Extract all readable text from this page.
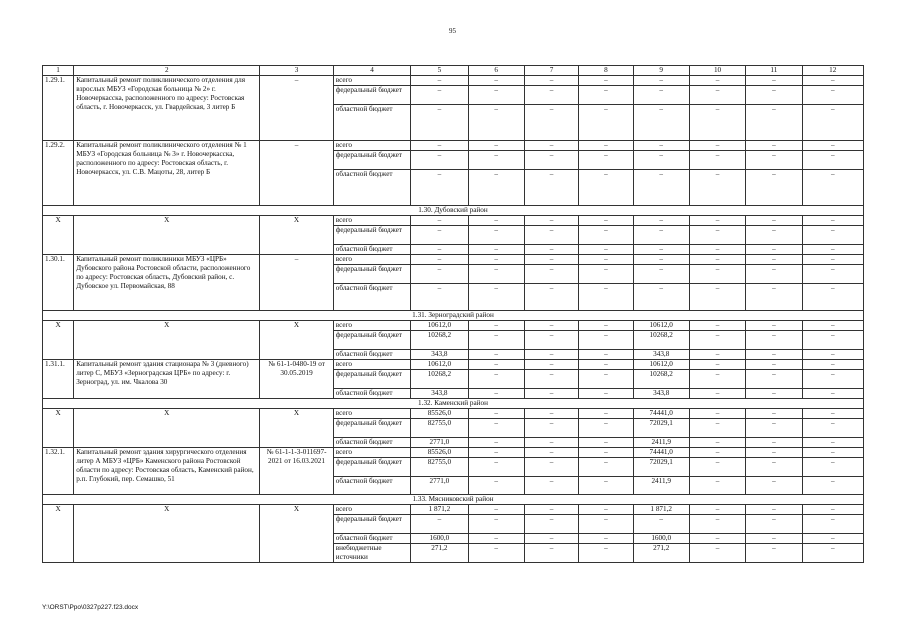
95
1	2	3	4	5	6	7	8	9	10	11	12
1.29.1.	Капитальный ремонт поликлинического отделения для взрослых МБУЗ «Городская больница № 2» г. Новочеркасска, расположенного по адресу: Ростовская область, г. Новочеркасск, ул. Гвардейская, 3 литер Б	–	всего	–	–	–	–	–	–	–	–
			федеральный бюджет	–	–	–	–	–	–	–	–
			областной бюджет	–	–	–	–	–	–	–	–
1.29.2.	Капитальный ремонт поликлинического отделения № 1 МБУЗ «Городская больница № 3» г. Новочеркасска, расположенного по адресу: Ростовская область, г. Новочеркасск, ул. С.В. Мацоты, 28, литер Б	–	всего	–	–	–	–	–	–	–	–
			федеральный бюджет	–	–	–	–	–	–	–	–
			областной бюджет	–	–	–	–	–	–	–	–
1.30. Дубовский район											
Х	Х	Х	всего	–	–	–	–	–	–	–	–
			федеральный бюджет	–	–	–	–	–	–	–	–
			областной бюджет	–	–	–	–	–	–	–	–
1.30.1.	Капитальный ремонт поликлиники МБУЗ «ЦРБ» Дубовского района Ростовской области, расположенного по адресу: Ростовская область, Дубовский район, с. Дубовское ул. Первомайская, 88	–	всего	–	–	–	–	–	–	–	–
			федеральный бюджет	–	–	–	–	–	–	–	–
			областной бюджет	–	–	–	–	–	–	–	–
1.31. Зерноградский район											
Х	Х	Х	всего	10612,0	–	–	–	10612,0	–	–	–
			федеральный бюджет	10268,2	–	–	–	10268,2	–	–	–
			областной бюджет	343,8	–	–	–	343,8	–	–	–
1.31.1.	Капитальный ремонт здания стационара № 3 (дневного) литер С, МБУЗ «Зерноградская ЦРБ» по адресу: г. Зерноград, ул. им. Чкалова 30	№ 61-1-0480-19 от 30.05.2019	всего	10612,0	–	–	–	10612,0	–	–	–
			федеральный бюджет	10268,2	–	–	–	10268,2	–	–	–
			областной бюджет	343,8	–	–	–	343,8	–	–	–
1.32. Каменский район											
Х	Х	Х	всего	85526,0	–	–	–	74441,0	–	–	–
			федеральный бюджет	82755,0	–	–	–	72029,1	–	–	–
			областной бюджет	2771,0	–	–	–	2411,9	–	–	–
1.32.1.	Капитальный ремонт здания хирургического отделения литер А МБУЗ «ЦРБ» Каменского района Ростовской области по адресу: Ростовская область, Каменский район, р.п. Глубокий, пер. Семашко, 51	№ 61-1-1-3-011697-2021 от 16.03.2021	всего	85526,0	–	–	–	74441,0	–	–	–
			федеральный бюджет	82755,0	–	–	–	72029,1	–	–	–
			областной бюджет	2771,0	–	–	–	2411,9	–	–	–
1.33. Мясниковский район											
Х	Х	Х	всего	1 871,2	–	–	–	1 871,2	–	–	–
			федеральный бюджет	–	–	–	–	–	–	–	–
			областной бюджет	1600,0	–	–	–	1600,0	–	–	–
			внебюджетные источники	271,2	–	–	–	271,2	–	–	–
Y:\ORST\Ppo\0327p227.f23.docx
